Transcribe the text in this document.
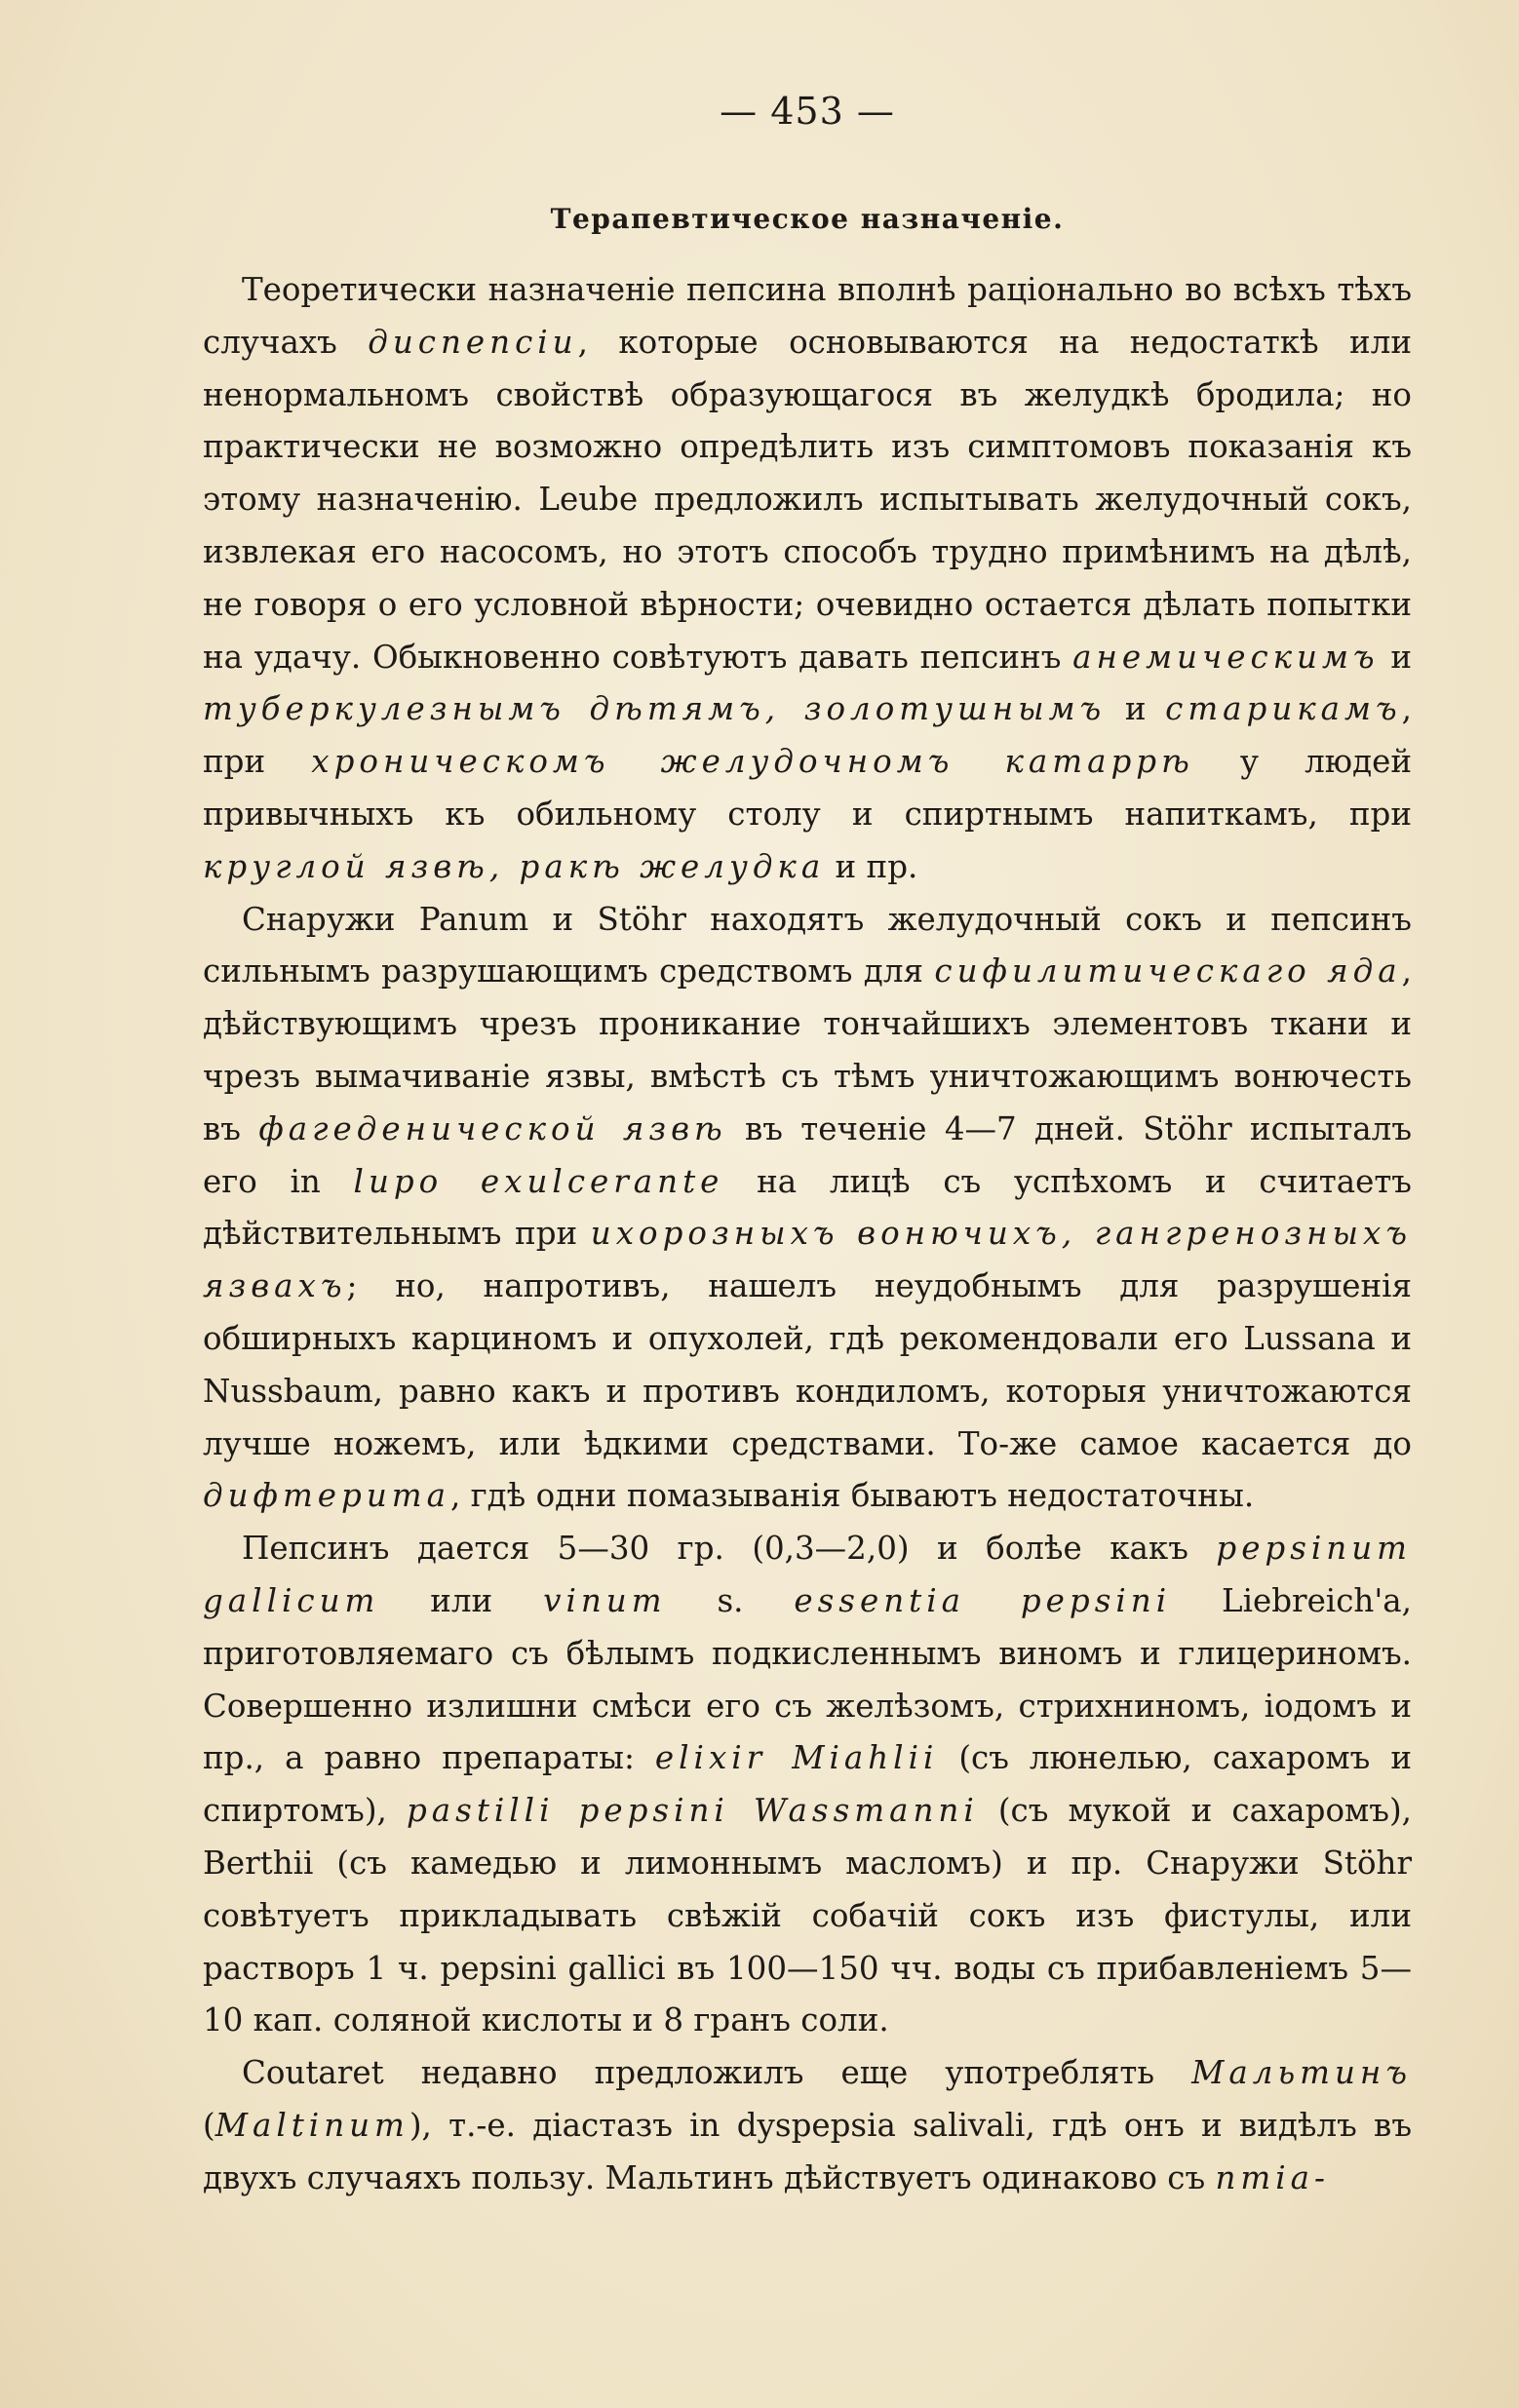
— 453 —
Терапевтическое назначеніе.

Теоретически назначеніе пепсина вполнѣ раціонально во всѣхъ тѣхъ случахъ диспепсіи, которые основываются на недостаткѣ или ненормальномъ свойствѣ образующагося въ желудкѣ бродила; но практически не возможно опредѣлить изъ симптомовъ показанія къ этому назначенію. Leube предложилъ испытывать желудочный сокъ, извлекая его насосомъ, но этотъ способъ трудно примѣнимъ на дѣлѣ, не говоря о его условной вѣрности; очевидно остается дѣлать попытки на удачу. Обыкновенно совѣтуютъ давать пепсинъ анемическимъ и туберкулезнымъ дѣтямъ, золотушнымъ и старикамъ, при хроническомъ желудочномъ катаррѣ у людей привычныхъ къ обильному столу и спиртнымъ напиткамъ, при круглой язвѣ, ракѣ желудка и пр.

Снаружи Panum и Stöhr находятъ желудочный сокъ и пепсинъ сильнымъ разрушающимъ средствомъ для сифилитическаго яда, дѣйствующимъ чрезъ проникание тончайшихъ элементовъ ткани и чрезъ вымачиваніе язвы, вмѣстѣ съ тѣмъ уничтожающимъ вонючесть въ фагеденической язвѣ въ теченіе 4—7 дней. Stöhr испыталъ его in lupo exulcerante на лицѣ съ успѣхомъ и считаетъ дѣйствительнымъ при ихорозныхъ вонючихъ, гангренозныхъ язвахъ; но, напротивъ, нашелъ неудобнымъ для разрушенія обширныхъ карциномъ и опухолей, гдѣ рекомендовали его Lussana и Nussbaum, равно какъ и противъ кондиломъ, которыя уничтожаются лучше ножемъ, или ѣдкими средствами. То-же самое касается до дифтерита, гдѣ одни помазыванія бываютъ недостаточны.

Пепсинъ дается 5—30 гр. (0,3—2,0) и болѣе какъ pepsinum gallicum или vinum s. essentia pepsini Liebreich'а, приготовляемаго съ бѣлымъ подкисленнымъ виномъ и глицериномъ. Совершенно излишни смѣси его съ желѣзомъ, стрихниномъ, іодомъ и пр., а равно препараты: elixir Miahlii (съ люнелью, сахаромъ и спиртомъ), pastilli pepsini Wassmanni (съ мукой и сахаромъ), Berthii (съ камедью и лимоннымъ масломъ) и пр. Снаружи Stöhr совѣтуетъ прикладывать свѣжій собачій сокъ изъ фистулы, или растворъ 1 ч. pepsini gallici въ 100—150 чч. воды съ прибавленіемъ 5—10 кап. соляной кислоты и 8 гранъ соли.

Coutaret недавно предложилъ еще употреблять Мальтинъ (Maltinum), т.-е. діастазъ in dyspepsia salivali, гдѣ онъ и видѣлъ въ двухъ случаяхъ пользу. Мальтинъ дѣйствуетъ одинаково съ птіа-
